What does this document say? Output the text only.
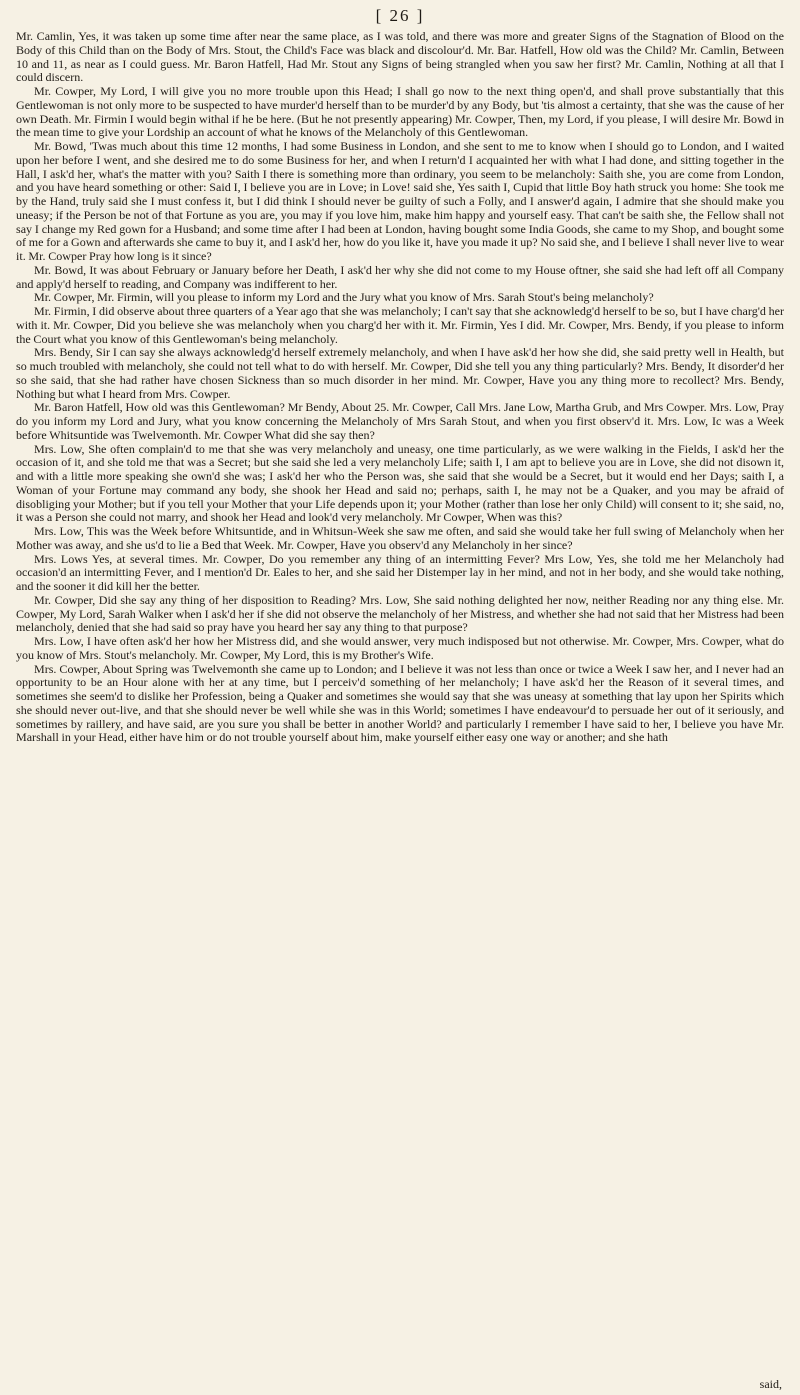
[ 26 ]

Mr. Camlin, Yes, it was taken up some time after near the same place, as I was told, and there was more and greater Signs of the Stagnation of Blood on the Body of this Child than on the Body of Mrs. Stout, the Child's Face was black and discolour'd. Mr. Bar. Hatfell, How old was the Child? Mr. Camlin, Between 10 and 11, as near as I could guess. Mr. Baron Hatfell, Had Mr. Stout any Signs of being strangled when you saw her first? Mr. Camlin, Nothing at all that I could discern.

Mr. Cowper, My Lord, I will give you no more trouble upon this Head; I shall go now to the next thing open'd, and shall prove substantially that this Gentlewoman is not only more to be suspected to have murder'd herself than to be murder'd by any Body, but 'tis almost a certainty, that she was the cause of her own Death. Mr. Firmin I would begin withal if he be here. (But he not presently appearing) Mr. Cowper, Then, my Lord, if you please, I will desire Mr. Bowd in the mean time to give your Lordship an account of what he knows of the Melancholy of this Gentlewoman.

Mr. Bowd, 'Twas much about this time 12 months, I had some Business in London, and she sent to me to know when I should go to London, and I waited upon her before I went, and she desired me to do some Business for her, and when I return'd I acquainted her with what I had done, and sitting together in the Hall, I ask'd her, what's the matter with you? Saith I there is something more than ordinary, you seem to be melancholy: Saith she, you are come from London, and you have heard something or other: Said I, I believe you are in Love; in Love! said she, Yes saith I, Cupid that little Boy hath struck you home: She took me by the Hand, truly said she I must confess it, but I did think I should never be guilty of such a Folly, and I answer'd again, I admire that she should make you uneasy; if the Person be not of that Fortune as you are, you may if you love him, make him happy and yourself easy. That can't be saith she, the Fellow shall not say I change my Red gown for a Husband; and some time after I had been at London, having bought some India Goods, she came to my Shop, and bought some of me for a Gown and afterwards she came to buy it, and I ask'd her, how do you like it, have you made it up? No said she, and I believe I shall never live to wear it. Mr. Cowper Pray how long is it since?

Mr. Bowd, It was about February or January before her Death, I ask'd her why she did not come to my House oftner, she said she had left off all Company and apply'd herself to reading, and Company was indifferent to her.

Mr. Cowper, Mr. Firmin, will you please to inform my Lord and the Jury what you know of Mrs. Sarah Stout's being melancholy?

Mr. Firmin, I did observe about three quarters of a Year ago that she was melancholy; I can't say that she acknowledg'd herself to be so, but I have charg'd her with it. Mr. Cowper, Did you believe she was melancholy when you charg'd her with it. Mr. Firmin, Yes I did. Mr. Cowper, Mrs. Bendy, if you please to inform the Court what you know of this Gentlewoman's being melancholy.

Mrs. Bendy, Sir I can say she always acknowledg'd herself extremely melancholy, and when I have ask'd her how she did, she said pretty well in Health, but so much troubled with melancholy, she could not tell what to do with herself. Mr. Cowper, Did she tell you any thing particularly? Mrs. Bendy, It disorder'd her so she said, that she had rather have chosen Sickness than so much disorder in her mind. Mr. Cowper, Have you any thing more to recollect? Mrs. Bendy, Nothing but what I heard from Mrs. Cowper.

Mr. Baron Hatfell, How old was this Gentlewoman? Mr Bendy, About 25. Mr. Cowper, Call Mrs. Jane Low, Martha Grub, and Mrs Cowper. Mrs. Low, Pray do you inform my Lord and Jury, what you know concerning the Melancholy of Mrs Sarah Stout, and when you first observ'd it. Mrs. Low, Ic was a Week before Whitsuntide was Twelvemonth. Mr. Cowper What did she say then?

Mrs. Low, She often complain'd to me that she was very melancholy and uneasy, one time particularly, as we were walking in the Fields, I ask'd her the occasion of it, and she told me that was a Secret; but she said she led a very melancholy Life; saith I, I am apt to believe you are in Love, she did not disown it, and with a little more speaking she own'd she was; I ask'd her who the Person was, she said that she would be a Secret, but it would end her Days; saith I, a Woman of your Fortune may command any body, she shook her Head and said no; perhaps, saith I, he may not be a Quaker, and you may be afraid of disobliging your Mother; but if you tell your Mother that your Life depends upon it; your Mother (rather than lose her only Child) will consent to it; she said, no, it was a Person she could not marry, and shook her Head and look'd very melancholy. Mr Cowper, When was this?

Mrs. Low, This was the Week before Whitsuntide, and in Whitsun-Week she saw me often, and said she would take her full swing of Melancholy when her Mother was away, and she us'd to lie a Bed that Week. Mr. Cowper, Have you observ'd any Melancholy in her since?

Mrs. Lows Yes, at several times. Mr. Cowper, Do you remember any thing of an intermitting Fever? Mrs Low, Yes, she told me her Melancholy had occasion'd an intermitting Fever, and I mention'd Dr. Eales to her, and she said her Distemper lay in her mind, and not in her body, and she would take nothing, and the sooner it did kill her the better.

Mr. Cowper, Did she say any thing of her disposition to Reading? Mrs. Low, She said nothing delighted her now, neither Reading nor any thing else. Mr. Cowper, My Lord, Sarah Walker when I ask'd her if she did not observe the melancholy of her Mistress, and whether she had not said that her Mistress had been melancholy, denied that she had said so pray have you heard her say any thing to that purpose?

Mrs. Low, I have often ask'd her how her Mistress did, and she would answer, very much indisposed but not otherwise. Mr. Cowper, Mrs. Cowper, what do you know of Mrs. Stout's melancholy. Mr. Cowper, My Lord, this is my Brother's Wife.

Mrs. Cowper, About Spring was Twelvemonth she came up to London; and I believe it was not less than once or twice a Week I saw her, and I never had an opportunity to be an Hour alone with her at any time, but I perceiv'd something of her melancholy; I have ask'd her the Reason of it several times, and sometimes she seem'd to dislike her Profession, being a Quaker and sometimes she would say that she was uneasy at something that lay upon her Spirits which she should never out-live, and that she should never be well while she was in this World; sometimes I have endeavour'd to persuade her out of it seriously, and sometimes by raillery, and have said, are you sure you shall be better in another World? and particularly I remember I have said to her, I believe you have Mr. Marshall in your Head, either have him or do not trouble yourself about him, make yourself either easy one way or another; and she hath

said,
